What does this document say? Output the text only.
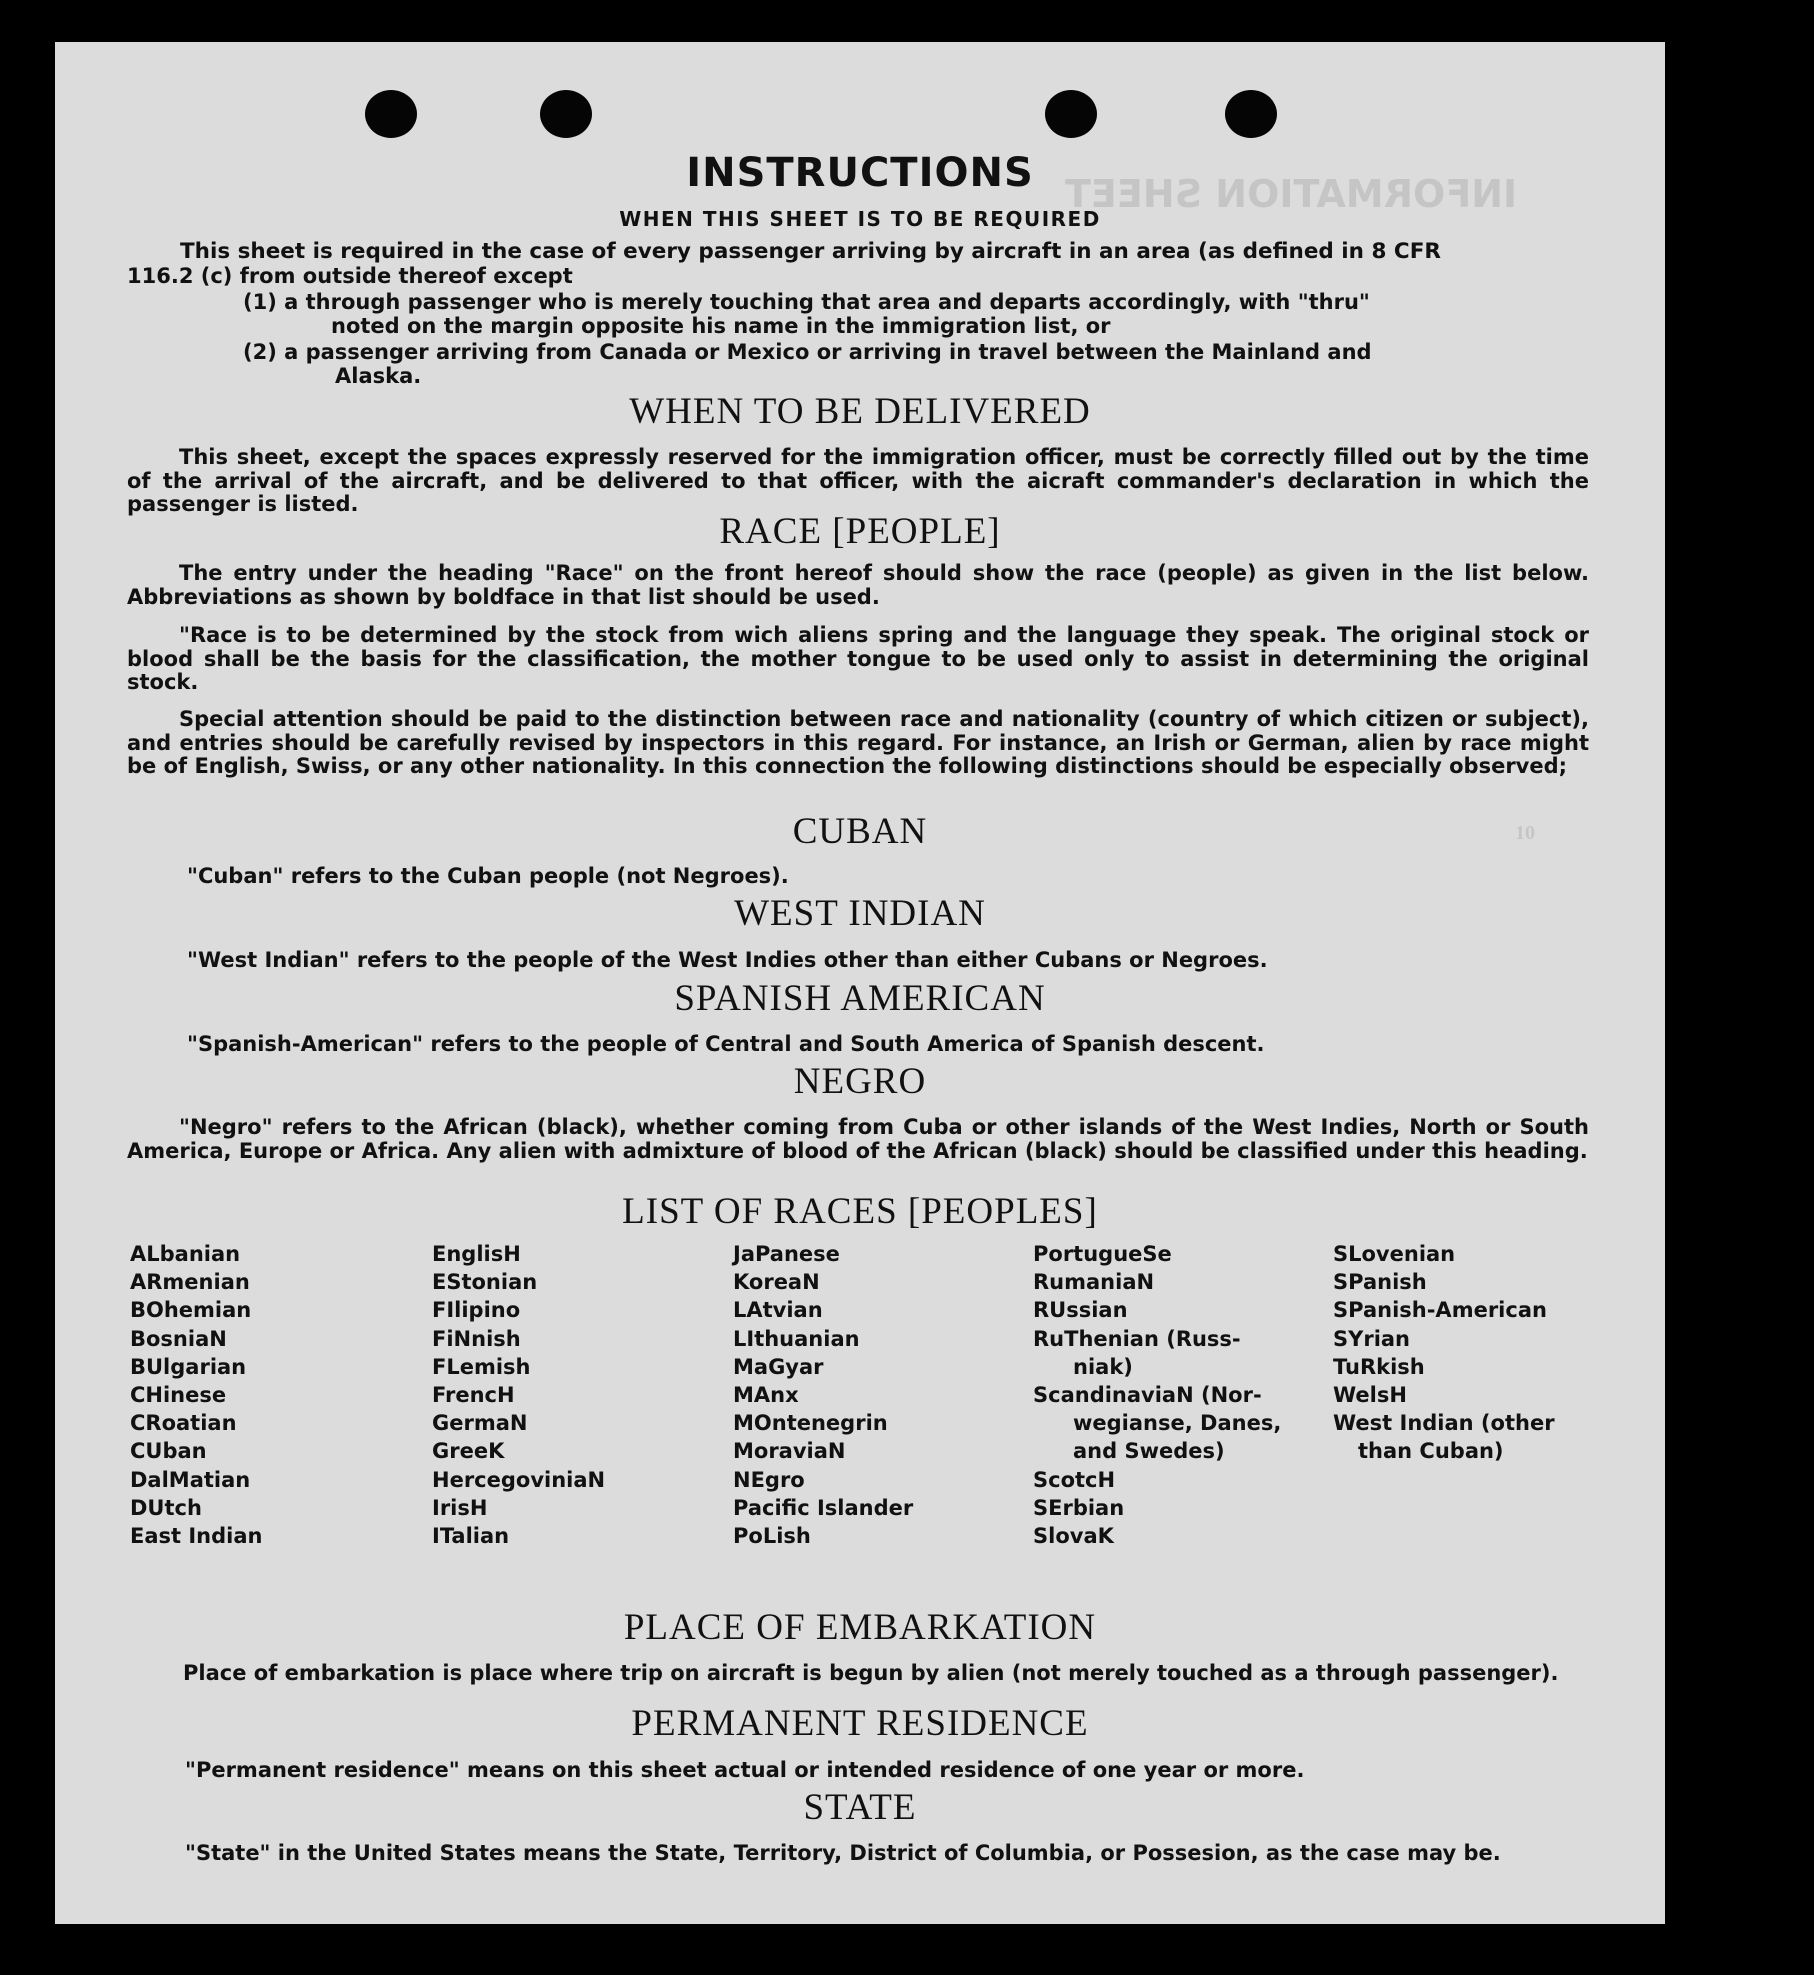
INFORMATION SHEET
10
INSTRUCTIONS
WHEN THIS SHEET IS TO BE REQUIRED

This sheet is required in the case of every passenger arriving by aircraft in an area (as defined in 8 CFR

116.2 (c) from outside thereof except

(1) a through passenger who is merely touching that area and departs accordingly, with "thru"

noted on the margin opposite his name in the immigration list, or

(2) a passenger arriving from Canada or Mexico or arriving in travel between the Mainland and

Alaska.

WHEN TO BE DELIVERED

This sheet, except the spaces expressly reserved for the immigration officer, must be correctly filled out by the time of the arrival of the aircraft, and be delivered to that officer, with the aicraft commander's declaration in which the passenger is listed.

RACE [PEOPLE]

The entry under the heading "Race" on the front hereof should show the race (people) as given in the list below. Abbreviations as shown by boldface in that list should be used.

"Race is to be determined by the stock from wich aliens spring and the language they speak. The original stock or blood shall be the basis for the classification, the mother tongue to be used only to assist in determining the original stock.

Special attention should be paid to the distinction between race and nationality (country of which citizen or subject), and entries should be carefully revised by inspectors in this regard. For instance, an Irish or German, alien by race might be of English, Swiss, or any other nationality. In this connection the following distinctions should be especially observed;

CUBAN

"Cuban" refers to the Cuban people (not Negroes).

WEST INDIAN

"West Indian" refers to the people of the West Indies other than either Cubans or Negroes.

SPANISH AMERICAN

"Spanish-American" refers to the people of Central and South America of Spanish descent.

NEGRO

"Negro" refers to the African (black), whether coming from Cuba or other islands of the West Indies, North or South America, Europe or Africa. Any alien with admixture of blood of the African (black) should be classified under this heading.

LIST OF RACES [PEOPLES]
ALbanian
ARmenian
BOhemian
BosniaN
BUlgarian
CHinese
CRoatian
CUban
DalMatian
DUtch
East Indian
EnglisH
EStonian
FIlipino
FiNnish
FLemish
FrencH
GermaN
GreeK
HercegoviniaN
IrisH
ITalian
JaPanese
KoreaN
LAtvian
LIthuanian
MaGyar
MAnx
MOntenegrin
MoraviaN
NEgro
Pacific Islander
PoLish
PortugueSe
RumaniaN
RUssian
RuThenian (Russ-
niak)
ScandinaviaN (Nor-
wegianse, Danes,
and Swedes)
ScotcH
SErbian
SlovaK
SLovenian
SPanish
SPanish-American
SYrian
TuRkish
WelsH
West Indian (other
than Cuban)
PLACE OF EMBARKATION

Place of embarkation is place where trip on aircraft is begun by alien (not merely touched as a through passenger).

PERMANENT RESIDENCE

"Permanent residence" means on this sheet actual or intended residence of one year or more.

STATE

"State" in the United States means the State, Territory, District of Columbia, or Possesion, as the case may be.
